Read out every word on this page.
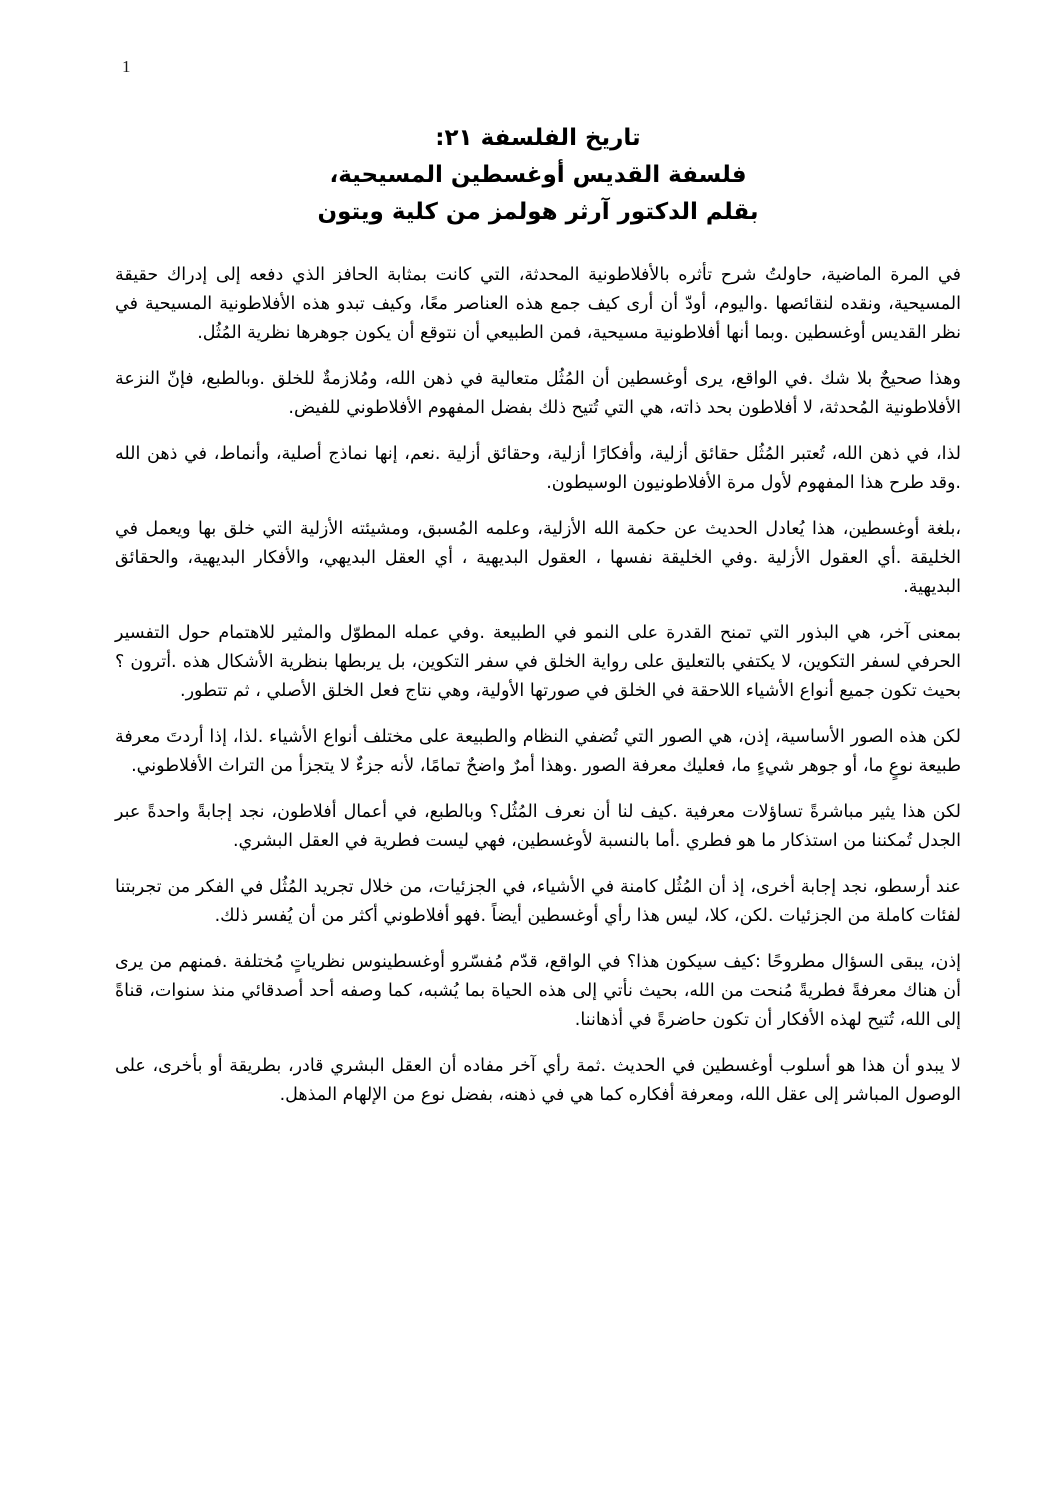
1
تاريخ الفلسفة ٢١:
فلسفة القديس أوغسطين المسيحية،
بقلم الدكتور آرثر هولمز من كلية ويتون

في المرة الماضية، حاولتُ شرح تأثره بالأفلاطونية المحدثة، التي كانت بمثابة الحافز الذي دفعه إلى إدراك حقيقة المسيحية، ونقده لنقائصها .واليوم، أودّ أن أرى كيف جمع هذه العناصر معًا، وكيف تبدو هذه الأفلاطونية المسيحية في نظر القديس أوغسطين .وبما أنها أفلاطونية مسيحية، فمن الطبيعي أن نتوقع أن يكون جوهرها نظرية المُثُل.

وهذا صحيحٌ بلا شك .في الواقع، يرى أوغسطين أن المُثُل متعالية في ذهن الله، ومُلازمةٌ للخلق .وبالطبع، فإنّ النزعة الأفلاطونية المُحدثة، لا أفلاطون بحد ذاته، هي التي تُتيح ذلك بفضل المفهوم الأفلاطوني للفيض.

لذا، في ذهن الله، تُعتبر المُثُل حقائق أزلية، وأفكارًا أزلية، وحقائق أزلية .نعم، إنها نماذج أصلية، وأنماط، في ذهن الله .وقد طرح هذا المفهوم لأول مرة الأفلاطونيون الوسيطون.

،بلغة أوغسطين، هذا يُعادل الحديث عن حكمة الله الأزلية، وعلمه المُسبق، ومشيئته الأزلية التي خلق بها ويعمل في الخليقة .أي العقول الأزلية .وفي الخليقة نفسها ، العقول البديهية ، أي العقل البديهي، والأفكار البديهية، والحقائق البديهية.

بمعنى آخر، هي البذور التي تمنح القدرة على النمو في الطبيعة .وفي عمله المطوّل والمثير للاهتمام حول التفسير الحرفي لسفر التكوين، لا يكتفي بالتعليق على رواية الخلق في سفر التكوين، بل يربطها بنظرية الأشكال هذه .أترون ؟ بحيث تكون جميع أنواع الأشياء اللاحقة في الخلق في صورتها الأولية، وهي نتاج فعل الخلق الأصلي ، ثم تتطور.

لكن هذه الصور الأساسية، إذن، هي الصور التي تُضفي النظام والطبيعة على مختلف أنواع الأشياء .لذا، إذا أردتَ معرفة طبيعة نوعٍ ما، أو جوهر شيءٍ ما، فعليك معرفة الصور .وهذا أمرٌ واضحٌ تمامًا، لأنه جزءٌ لا يتجزأ من التراث الأفلاطوني.

لكن هذا يثير مباشرةً تساؤلات معرفية .كيف لنا أن نعرف المُثُل؟ وبالطبع، في أعمال أفلاطون، نجد إجابةً واحدةً عبر الجدل تُمكننا من استذكار ما هو فطري .أما بالنسبة لأوغسطين، فهي ليست فطرية في العقل البشري.

عند أرسطو، نجد إجابة أخرى، إذ أن المُثُل كامنة في الأشياء، في الجزئيات، من خلال تجريد المُثُل في الفكر من تجربتنا لفئات كاملة من الجزئيات .لكن، كلا، ليس هذا رأي أوغسطين أيضاً .فهو أفلاطوني أكثر من أن يُفسر ذلك.

إذن، يبقى السؤال مطروحًا :كيف سيكون هذا؟ في الواقع، قدّم مُفسّرو أوغسطينوس نظرياتٍ مُختلفة .فمنهم من يرى أن هناك معرفةً فطريةً مُنحت من الله، بحيث نأتي إلى هذه الحياة بما يُشبه، كما وصفه أحد أصدقائي منذ سنوات، قناةً إلى الله، تُتيح لهذه الأفكار أن تكون حاضرةً في أذهاننا.

لا يبدو أن هذا هو أسلوب أوغسطين في الحديث .ثمة رأي آخر مفاده أن العقل البشري قادر، بطريقة أو بأخرى، على الوصول المباشر إلى عقل الله، ومعرفة أفكاره كما هي في ذهنه، بفضل نوع من الإلهام المذهل.
